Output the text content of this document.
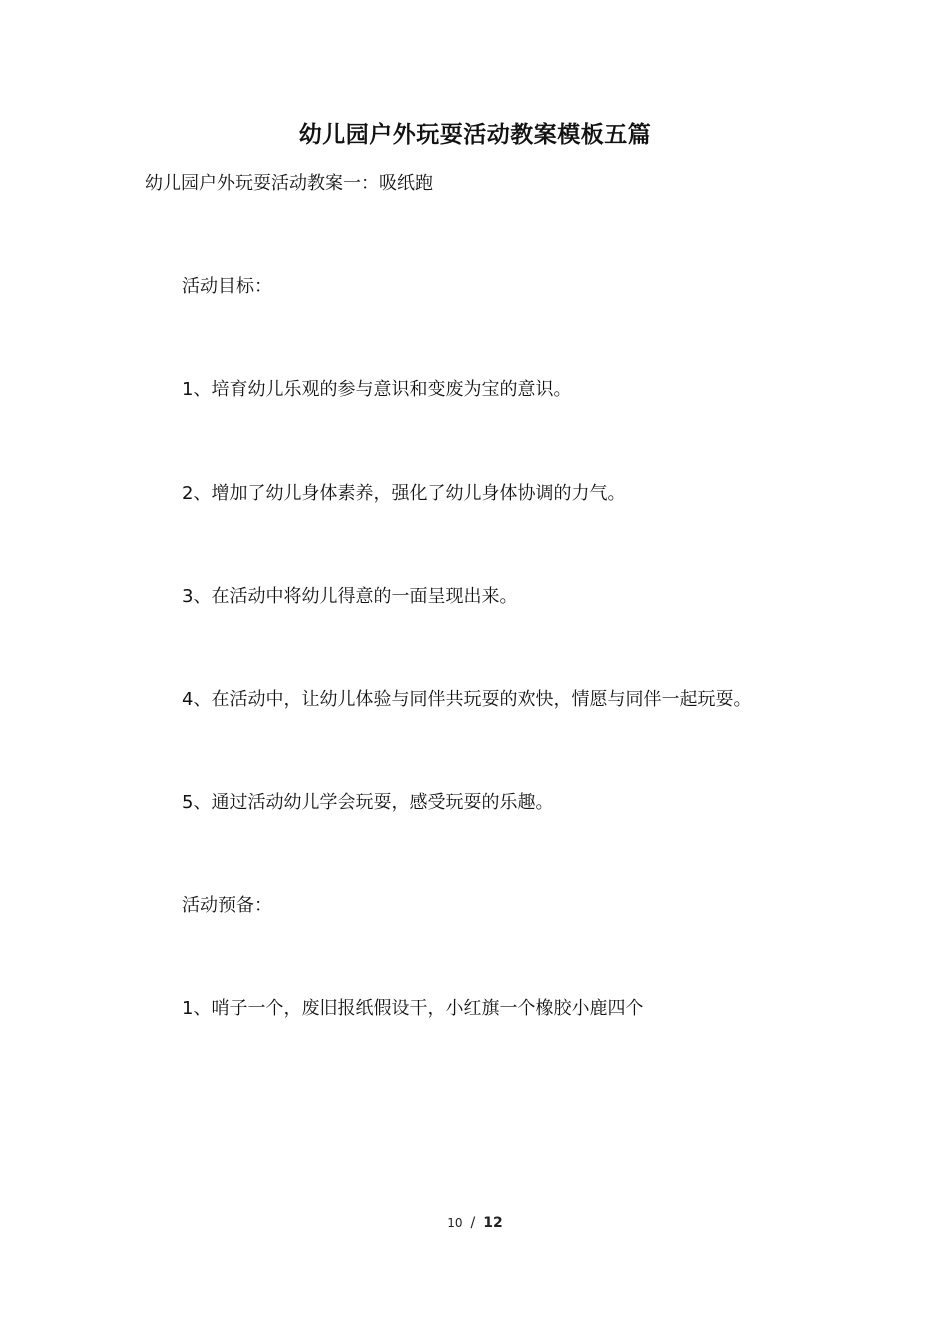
幼儿园户外玩耍活动教案模板五篇
幼儿园户外玩耍活动教案一：吸纸跑
活动目标：
1、培育幼儿乐观的参与意识和变废为宝的意识。
2、增加了幼儿身体素养，强化了幼儿身体协调的力气。
3、在活动中将幼儿得意的一面呈现出来。
4、在活动中，让幼儿体验与同伴共玩耍的欢快，情愿与同伴一起玩耍。
5、通过活动幼儿学会玩耍，感受玩耍的乐趣。
活动预备：
1、哨子一个，废旧报纸假设干，小红旗一个橡胶小鹿四个
10 / 12
